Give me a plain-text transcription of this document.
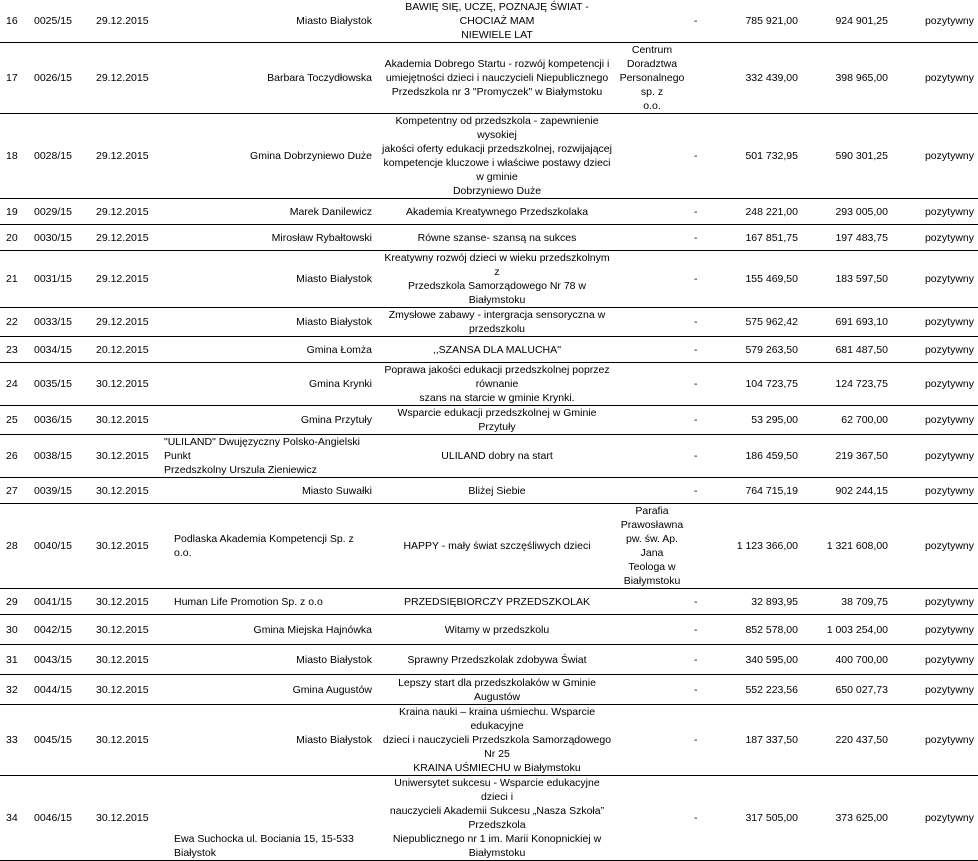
16	0025/15	29.12.2015	Miasto Białystok	BAWIĘ SIĘ, UCZĘ, POZNAJĘ ŚWIAT - CHOCIAŻ MAM
NIEWIELE LAT		-	785 921,00	924 901,25	pozytywny

17	0026/15	29.12.2015	Barbara Toczydłowska	Akademia Dobrego Startu - rozwój kompetencji i
umiejętności dzieci i nauczycieli Niepublicznego
Przedszkola nr 3 "Promyczek" w Białymstoku	Centrum Doradztwa
Personalnego sp. z
o.o.		332 439,00	398 965,00	pozytywny

18	0028/15	29.12.2015	Gmina Dobrzyniewo Duże	Kompetentny od przedszkola - zapewnienie wysokiej
jakości oferty edukacji przedszkolnej, rozwijającej
kompetencje kluczowe i właściwe postawy dzieci w gminie
Dobrzyniewo Duże		-	501 732,95	590 301,25	pozytywny

19	0029/15	29.12.2015	Marek Danilewicz	Akademia Kreatywnego Przedszkolaka		-	248 221,00	293 005,00	pozytywny

20	0030/15	29.12.2015	Mirosław Rybałtowski	Równe szanse- szansą na sukces		-	167 851,75	197 483,75	pozytywny

21	0031/15	29.12.2015	Miasto Białystok	Kreatywny rozwój dzieci w wieku przedszkolnym z
Przedszkola Samorządowego Nr 78 w Białymstoku		-	155 469,50	183 597,50	pozytywny

22	0033/15	29.12.2015	Miasto Białystok	Zmysłowe zabawy - intergracja sensoryczna w przedszkolu		-	575 962,42	691 693,10	pozytywny

23	0034/15	20.12.2015	Gmina Łomża	,,SZANSA DLA MALUCHA''		-	579 263,50	681 487,50	pozytywny

24	0035/15	30.12.2015	Gmina Krynki	Poprawa jakości edukacji przedszkolnej poprzez równanie
szans na starcie w gminie Krynki.		-	104 723,75	124 723,75	pozytywny

25	0036/15	30.12.2015	Gmina Przytuły	Wsparcie edukacji przedszkolnej w Gminie Przytuły		-	53 295,00	62 700,00	pozytywny

26	0038/15	30.12.2015	"ULILAND" Dwujęzyczny Polsko-Angielski Punkt
Przedszkolny Urszula Zieniewicz	ULILAND dobry na start		-	186 459,50	219 367,50	pozytywny

27	0039/15	30.12.2015	Miasto Suwałki	Bliżej Siebie		-	764 715,19	902 244,15	pozytywny

28	0040/15	30.12.2015	Podlaska Akademia Kompetencji Sp. z o.o.	HAPPY - mały świat szczęśliwych dzieci	Parafia Prawosławna
pw. św. Ap. Jana
Teologa w
Białymstoku		1 123 366,00	1 321 608,00	pozytywny

29	0041/15	30.12.2015	Human Life Promotion Sp. z o.o	PRZEDSIĘBIORCZY PRZEDSZKOLAK		-	32 893,95	38 709,75	pozytywny

30	0042/15	30.12.2015	Gmina Miejska Hajnówka	Witamy w przedszkolu		-	852 578,00	1 003 254,00	pozytywny

31	0043/15	30.12.2015	Miasto Białystok	Sprawny Przedszkolak zdobywa Świat		-	340 595,00	400 700,00	pozytywny

32	0044/15	30.12.2015	Gmina Augustów	Lepszy start dla przedszkolaków w Gminie Augustów		-	552 223,56	650 027,73	pozytywny

33	0045/15	30.12.2015	Miasto Białystok	Kraina nauki – kraina uśmiechu. Wsparcie edukacyjne
dzieci i nauczycieli Przedszkola Samorządowego Nr 25
KRAINA UŚMIECHU w Białymstoku		-	187 337,50	220 437,50	pozytywny

34	0046/15	30.12.2015	Ewa Suchocka ul. Bociania 15, 15-533 Białystok	Uniwersytet sukcesu - Wsparcie edukacyjne dzieci i
nauczycieli Akademii Sukcesu „Nasza Szkoła” Przedszkola
Niepublicznego nr 1 im. Marii Konopnickiej w Białymstoku		-	317 505,00	373 625,00	pozytywny
